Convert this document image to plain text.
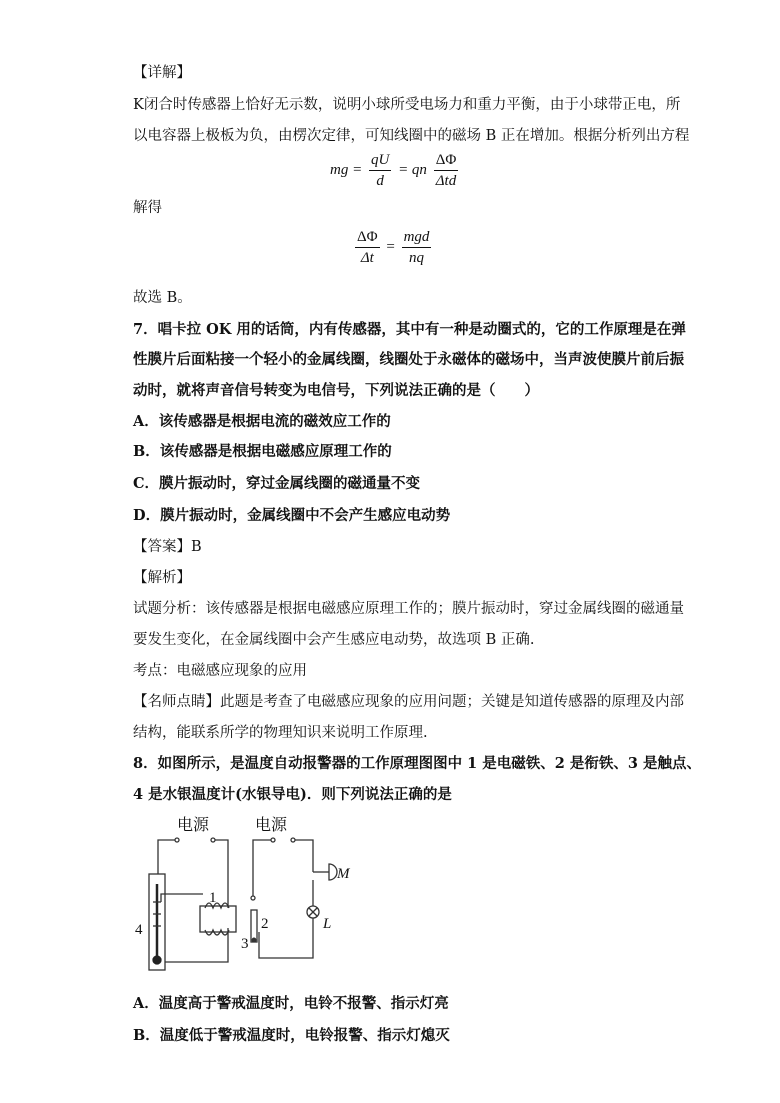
【详解】
K闭合时传感器上恰好无示数，说明小球所受电场力和重力平衡，由于小球带正电，所
以电容器上极板为负，由楞次定律，可知线圈中的磁场 B 正在增加。根据分析列出方程
mg = $\frac{qU}{d}$ = qn $\frac{\Delta\Phi}{\text{Δtd}}$
解得
$\frac{\Delta\Phi}{\Delta t} = \frac{\text{mgd}}{nq}$
故选 B。
7．唱卡拉 OK 用的话筒，内有传感器，其中有一种是动圈式的，它的工作原理是在弹
性膜片后面粘接一个轻小的金属线圈，线圈处于永磁体的磁场中，当声波使膜片前后振
动时，就将声音信号转变为电信号，下列说法正确的是（　　）
A．该传感器是根据电流的磁效应工作的
B．该传感器是根据电磁感应原理工作的
C．膜片振动时，穿过金属线圈的磁通量不变
D．膜片振动时，金属线圈中不会产生感应电动势
【答案】B
【解析】
试题分析：该传感器是根据电磁感应原理工作的；膜片振动时，穿过金属线圈的磁通量
要发生变化，在金属线圈中会产生感应电动势，故选项 B 正确.
考点：电磁感应现象的应用
【名师点睛】此题是考查了电磁感应现象的应用问题；关键是知道传感器的原理及内部
结构，能联系所学的物理知识来说明工作原理.
8．如图所示，是温度自动报警器的工作原理图图中 1 是电磁铁、2 是衔铁、3 是触点、
4 是水银温度计(水银导电)．则下列说法正确的是
电源	电源
1
2
3
4
M
L
A．温度高于警戒温度时，电铃不报警、指示灯亮
B．温度低于警戒温度时，电铃报警、指示灯熄灭
